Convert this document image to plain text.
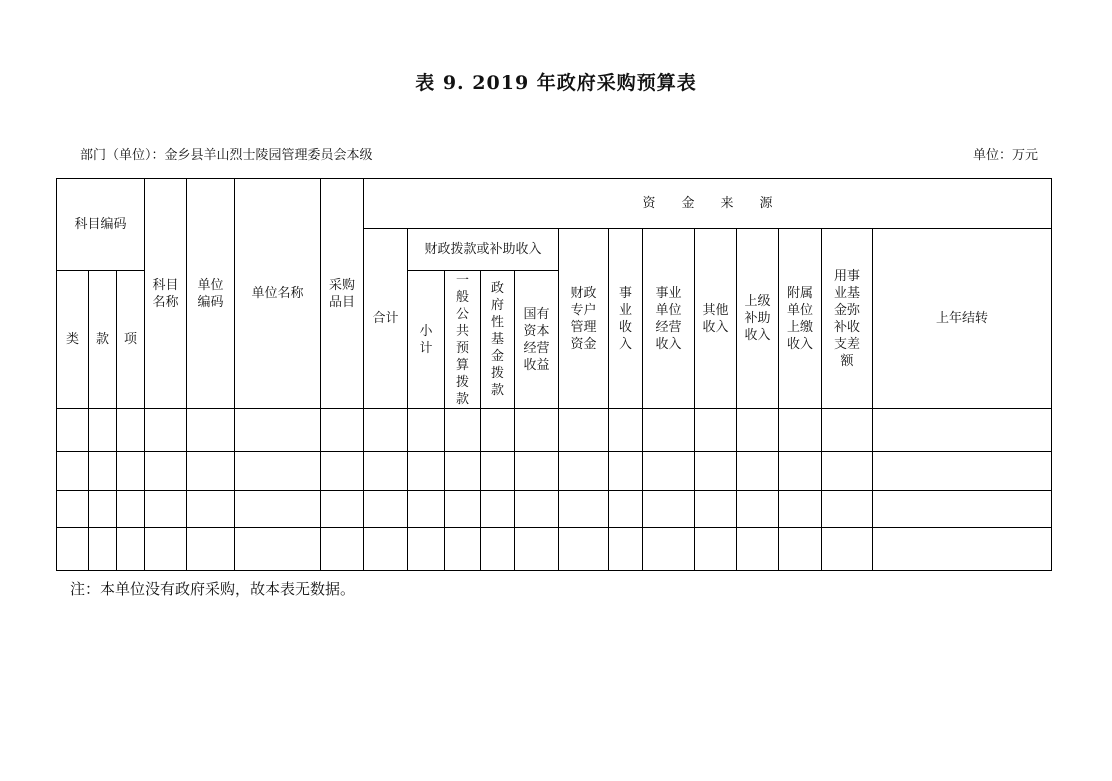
表 9. 2019 年政府采购预算表
部门（单位）：金乡县羊山烈士陵园管理委员会本级	单位：万元
科目编码			科目名称	单位编码	单位名称	采购品目	资金来源												
							合计	财政拨款或补助收入				财政专户管理资金	事业收入	事业单位经营收入	其他收入	上级补助收入	附属单位上缴收入	用事业基金弥补收支差额	上年结转
类	款	项						小计	一般公共预算拨款	政府性基金拨款	国有资本经营收益								

注：本单位没有政府采购，故本表无数据。
